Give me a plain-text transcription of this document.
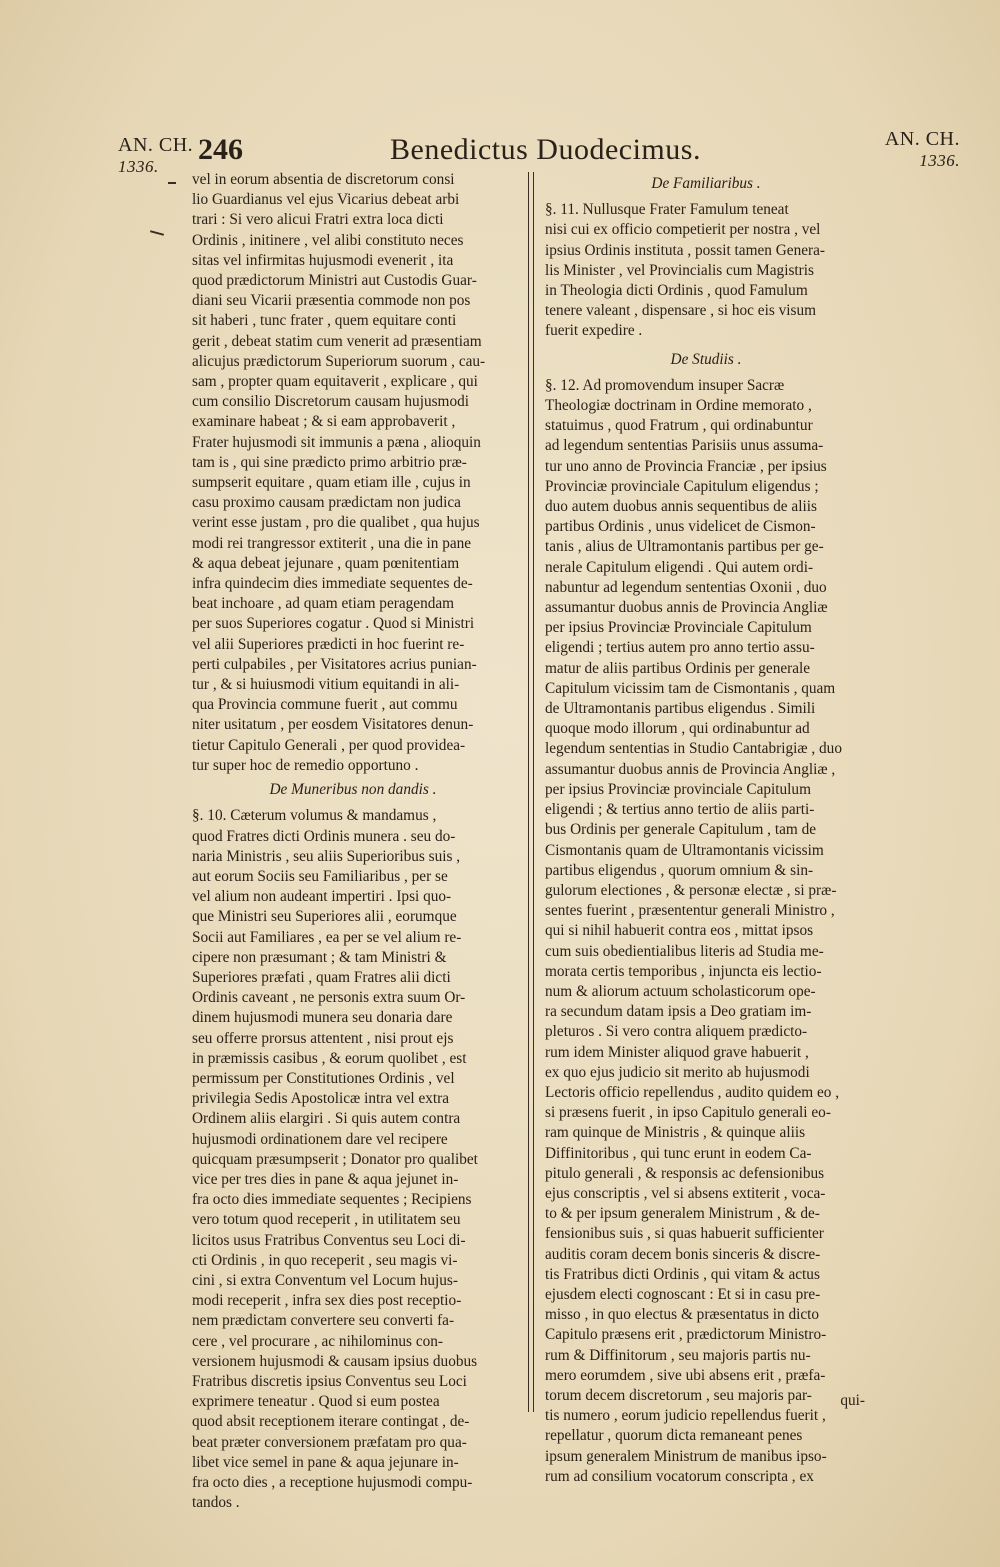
AN. CH.
1336.
246	Benedictus Duodecimus.	AN. CH.
1336.
vel in eorum absentia de discretorum consi
lio Guardianus vel ejus Vicarius debeat arbi
trari : Si vero alicui Fratri extra loca dicti
Ordinis , initinere , vel alibi constituto neces
sitas vel infirmitas hujusmodi evenerit , ita
quod prædictorum Ministri aut Custodis Guar-
diani seu Vicarii præsentia commode non pos
sit haberi , tunc frater , quem equitare conti
gerit , debeat statim cum venerit ad præsentiam
alicujus prædictorum Superiorum suorum , cau-
sam , propter quam equitaverit , explicare , qui
cum consilio Discretorum causam hujusmodi
examinare habeat ; & si eam approbaverit ,
Frater hujusmodi sit immunis a pæna , alioquin
tam is , qui sine prædicto primo arbitrio præ-
sumpserit equitare , quam etiam ille , cujus in
casu proximo causam prædictam non judica
verint esse justam , pro die qualibet , qua hujus
modi rei trangressor extiterit , una die in pane
& aqua debeat jejunare , quam pœnitentiam
infra quindecim dies immediate sequentes de-
beat inchoare , ad quam etiam peragendam
per suos Superiores cogatur . Quod si Ministri
vel alii Superiores prædicti in hoc fuerint re-
perti culpabiles , per Visitatores acrius punian-
tur , & si huiusmodi vitium equitandi in ali-
qua Provincia commune fuerit , aut commu
niter usitatum , per eosdem Visitatores denun-
tietur Capitulo Generali , per quod providea-
tur super hoc de remedio opportuno .
De Muneribus non dandis .
§. 10. Cæterum volumus & mandamus ,
quod Fratres dicti Ordinis munera . seu do-
naria Ministris , seu aliis Superioribus suis ,
aut eorum Sociis seu Familiaribus , per se
vel alium non audeant impertiri . Ipsi quo-
que Ministri seu Superiores alii , eorumque
Socii aut Familiares , ea per se vel alium re-
cipere non præsumant ; & tam Ministri &
Superiores præfati , quam Fratres alii dicti
Ordinis caveant , ne personis extra suum Or-
dinem hujusmodi munera seu donaria dare
seu offerre prorsus attentent , nisi prout ejs
in præmissis casibus , & eorum quolibet , est
permissum per Constitutiones Ordinis , vel
privilegia Sedis Apostolicæ intra vel extra
Ordinem aliis elargiri . Si quis autem contra
hujusmodi ordinationem dare vel recipere
quicquam præsumpserit ; Donator pro qualibet
vice per tres dies in pane & aqua jejunet in-
fra octo dies immediate sequentes ; Recipiens
vero totum quod receperit , in utilitatem seu
licitos usus Fratribus Conventus seu Loci di-
cti Ordinis , in quo receperit , seu magis vi-
cini , si extra Conventum vel Locum hujus-
modi receperit , infra sex dies post receptio-
nem prædictam convertere seu converti fa-
cere , vel procurare , ac nihilominus con-
versionem hujusmodi & causam ipsius duobus
Fratribus discretis ipsius Conventus seu Loci
exprimere teneatur . Quod si eum postea
quod absit receptionem iterare contingat , de-
beat præter conversionem præfatam pro qua-
libet vice semel in pane & aqua jejunare in-
fra octo dies , a receptione hujusmodi compu-
tandos .
De Familiaribus .
§. 11. Nullusque Frater Famulum teneat
nisi cui ex officio competierit per nostra , vel
ipsius Ordinis instituta , possit tamen Genera-
lis Minister , vel Provincialis cum Magistris
in Theologia dicti Ordinis , quod Famulum
tenere valeant , dispensare , si hoc eis visum
fuerit expedire .
De Studiis .
§. 12. Ad promovendum insuper Sacræ
Theologiæ doctrinam in Ordine memorato ,
statuimus , quod Fratrum , qui ordinabuntur
ad legendum sententias Parisiis unus assuma-
tur uno anno de Provincia Franciæ , per ipsius
Provinciæ provinciale Capitulum eligendus ;
duo autem duobus annis sequentibus de aliis
partibus Ordinis , unus videlicet de Cismon-
tanis , alius de Ultramontanis partibus per ge-
nerale Capitulum eligendi . Qui autem ordi-
nabuntur ad legendum sententias Oxonii , duo
assumantur duobus annis de Provincia Angliæ
per ipsius Provinciæ Provinciale Capitulum
eligendi ; tertius autem pro anno tertio assu-
matur de aliis partibus Ordinis per generale
Capitulum vicissim tam de Cismontanis , quam
de Ultramontanis partibus eligendus . Simili
quoque modo illorum , qui ordinabuntur ad
legendum sententias in Studio Cantabrigiæ , duo
assumantur duobus annis de Provincia Angliæ ,
per ipsius Provinciæ provinciale Capitulum
eligendi ; & tertius anno tertio de aliis parti-
bus Ordinis per generale Capitulum , tam de
Cismontanis quam de Ultramontanis vicissim
partibus eligendus , quorum omnium & sin-
gulorum electiones , & personæ electæ , si præ-
sentes fuerint , præsententur generali Ministro ,
qui si nihil habuerit contra eos , mittat ipsos
cum suis obedientialibus literis ad Studia me-
morata certis temporibus , injuncta eis lectio-
num & aliorum actuum scholasticorum ope-
ra secundum datam ipsis a Deo gratiam im-
pleturos . Si vero contra aliquem prædicto-
rum idem Minister aliquod grave habuerit ,
ex quo ejus judicio sit merito ab hujusmodi
Lectoris officio repellendus , audito quidem eo ,
si præsens fuerit , in ipso Capitulo generali eo-
ram quinque de Ministris , & quinque aliis
Diffinitoribus , qui tunc erunt in eodem Ca-
pitulo generali , & responsis ac defensionibus
ejus conscriptis , vel si absens extiterit , voca-
to & per ipsum generalem Ministrum , & de-
fensionibus suis , si quas habuerit sufficienter
auditis coram decem bonis sinceris & discre-
tis Fratribus dicti Ordinis , qui vitam & actus
ejusdem electi cognoscant : Et si in casu pre-
misso , in quo electus & præsentatus in dicto
Capitulo præsens erit , prædictorum Ministro-
rum & Diffinitorum , seu majoris partis nu-
mero eorumdem , sive ubi absens erit , præfa-
torum decem discretorum , seu majoris par-
tis numero , eorum judicio repellendus fuerit ,
repellatur , quorum dicta remaneant penes
ipsum generalem Ministrum de manibus ipso-
rum ad consilium vocatorum conscripta , ex
qui-
